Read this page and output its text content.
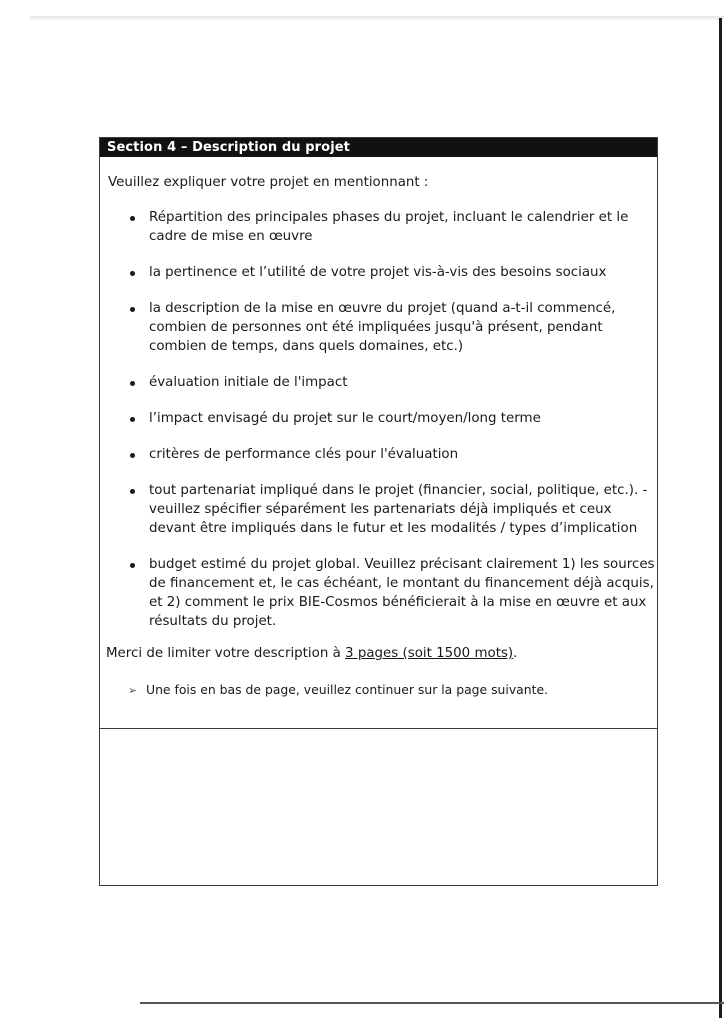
Section 4 – Description du projet
Veuillez expliquer votre projet en mentionnant :
Répartition des principales phases du projet, incluant le calendrier et le cadre de mise en œuvre
la pertinence et l’utilité de votre projet vis-à-vis des besoins sociaux
la description de la mise en œuvre du projet (quand a-t-il commencé, combien de personnes ont été impliquées jusqu'à présent, pendant combien de temps, dans quels domaines, etc.)
évaluation initiale de l'impact
l’impact envisagé du projet sur le court/moyen/long terme
critères de performance clés pour l'évaluation
tout partenariat impliqué dans le projet (financier, social, politique, etc.). - veuillez spécifier séparément les partenariats déjà impliqués et ceux devant être impliqués dans le futur et les modalités / types d’implication
budget estimé du projet global. Veuillez précisant clairement 1) les sources de financement et, le cas échéant, le montant du financement déjà acquis, et 2) comment le prix BIE-Cosmos bénéficierait à la mise en œuvre et aux résultats du projet.
Merci de limiter votre description à 3 pages (soit 1500 mots).
➢ Une fois en bas de page, veuillez continuer sur la page suivante.
